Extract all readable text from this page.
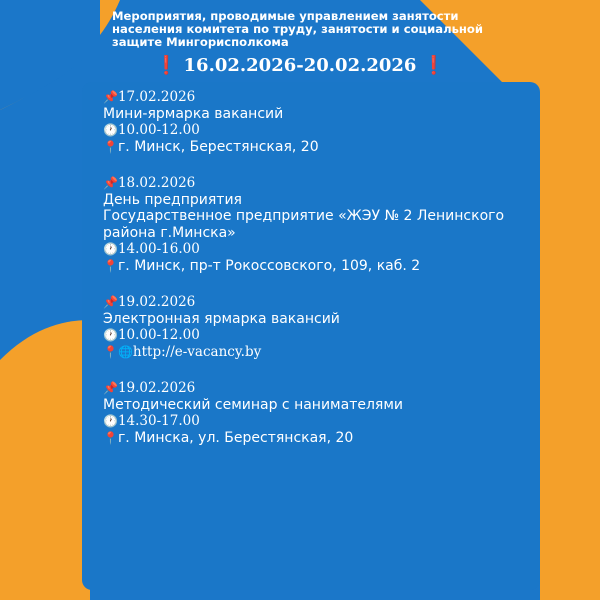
Мероприятия, проводимые управлением занятости
населения комитета по труду, занятости и социальной
защите Мингорисполкома
❗ 16.02.2026-20.02.2026 ❗
📌17.02.2026
Мини-ярмарка вакансий
🕐10.00-12.00
📍г. Минск, Берестянская, 20
📌18.02.2026
День предприятия
Государственное предприятие «ЖЭУ № 2 Ленинского района г.Минска»
🕐14.00-16.00
📍г. Минск, пр-т Рокоссовского, 109, каб. 2
📌19.02.2026
Электронная ярмарка вакансий
🕐10.00-12.00
📍🌐http://e-vacancy.by
📌19.02.2026
Методический семинар с нанимателями
🕐14.30-17.00
📍г. Минска, ул. Берестянская, 20
